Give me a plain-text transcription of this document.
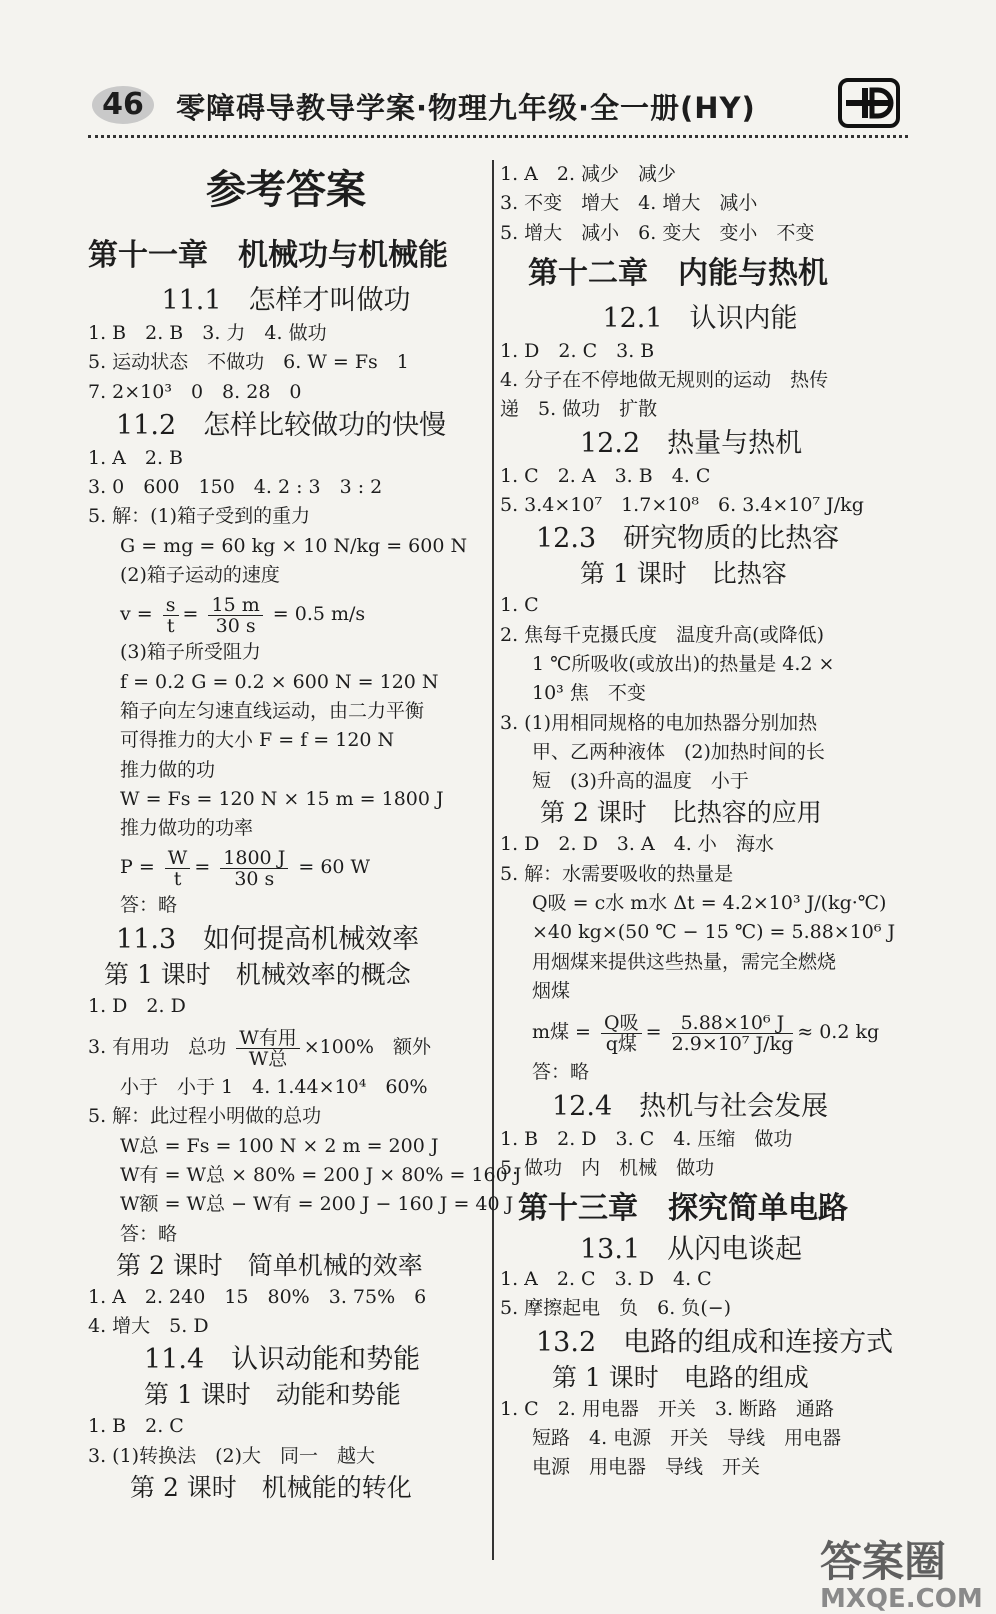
46	零障碍导教导学案·物理九年级·全一册(HY)
参考答案
第十一章　机械功与机械能
11.1　怎样才叫做功
1. B　2. B　3. 力　4. 做功
5. 运动状态　不做功　6. W = Fs　1
7. 2×10³　0　8. 28　0
11.2　怎样比较做功的快慢
1. A　2. B
3. 0　600　150　4. 2 : 3　3 : 2
5. 解：(1)箱子受到的重力
G = mg = 60 kg × 10 N/kg = 600 N
(2)箱子运动的速度
$v = \frac{s}{t} = \frac{15 m}{30 s} = 0.5$ m/s
(3)箱子所受阻力
f = 0.2 G = 0.2 × 600 N = 120 N
箱子向左匀速直线运动，由二力平衡
可得推力的大小 F = f = 120 N
推力做的功
W = Fs = 120 N × 15 m = 1800 J
推力做功的功率
$P = \frac{W}{t} = \frac{1800 J}{30 s} = 60$ W
答：略
11.3　如何提高机械效率
第 1 课时　机械效率的概念
1. D　2. D
3. 有用功　总功 $\frac{\text{W有用}}{\text{W总}} \times 100\%$　额外
小于　小于 1　4. 1.44×10⁴　60%
5. 解：此过程小明做的总功
W总 = Fs = 100 N × 2 m = 200 J
W有 = W总 × 80% = 200 J × 80% = 160 J
W额 = W总 − W有 = 200 J − 160 J = 40 J
答：略
第 2 课时　简单机械的效率
1. A　2. 240　15　80%　3. 75%　6
4. 增大　5. D
11.4　认识动能和势能
第 1 课时　动能和势能
1. B　2. C
3. (1)转换法　(2)大　同一　越大
第 2 课时　机械能的转化
1. A　2. 减少　减少
3. 不变　增大　4. 增大　减小
5. 增大　减小　6. 变大　变小　不变
第十二章　内能与热机
12.1　认识内能
1. D　2. C　3. B
4. 分子在不停地做无规则的运动　热传
递　5. 做功　扩散
12.2　热量与热机
1. C　2. A　3. B　4. C
5. 3.4×10⁷　1.7×10⁸　6. 3.4×10⁷ J/kg
12.3　研究物质的比热容
第 1 课时　比热容
1. C
2. 焦每千克摄氏度　温度升高(或降低)
1 ℃所吸收(或放出)的热量是 4.2 ×
10³ 焦　不变
3. (1)用相同规格的电加热器分别加热
甲、乙两种液体　(2)加热时间的长
短　(3)升高的温度　小于
第 2 课时　比热容的应用
1. D　2. D　3. A　4. 小　海水
5. 解：水需要吸收的热量是
Q吸 = c水 m水 Δt = 4.2×10³ J/(kg·℃)
×40 kg×(50 ℃ − 15 ℃) = 5.88×10⁶ J
用烟煤来提供这些热量，需完全燃烧
烟煤
m煤 = $\frac{\text{Q吸}}{\text{q煤}} = \frac{\text{5.88×10⁶ J}}{\text{2.9×10⁷ J/kg}} \approx 0.2$ kg
答：略
12.4　热机与社会发展
1. B　2. D　3. C　4. 压缩　做功
5. 做功　内　机械　做功
第十三章　探究简单电路
13.1　从闪电谈起
1. A　2. C　3. D　4. C
5. 摩擦起电　负　6. 负(−)
13.2　电路的组成和连接方式
第 1 课时　电路的组成
1. C　2. 用电器　开关　3. 断路　通路
短路　4. 电源　开关　导线　用电器
电源　用电器　导线　开关
答案圈
MXQE.COM
